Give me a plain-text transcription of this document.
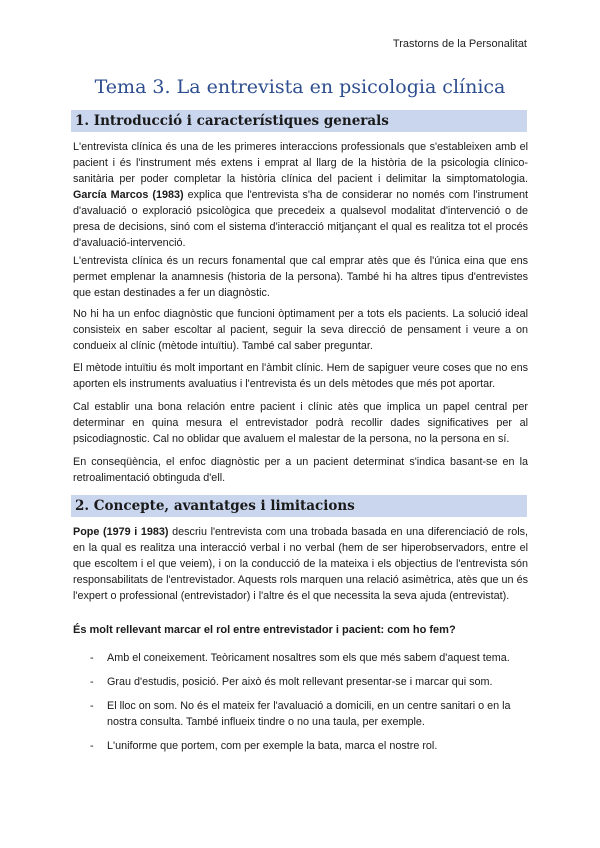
Trastorns de la Personalitat
Tema 3. La entrevista en psicologia clínica
1. Introducció i característiques generals
L'entrevista clínica és una de les primeres interaccions professionals que s'estableixen amb el pacient i és l'instrument més extens i emprat al llarg de la història de la psicologia clínico-sanitària per poder completar la història clínica del pacient i delimitar la simptomatologia. García Marcos (1983) explica que l'entrevista s'ha de considerar no només com l'instrument d'avaluació o exploració psicològica que precedeix a qualsevol modalitat d'intervenció o de presa de decisions, sinó com el sistema d'interacció mitjançant el qual es realitza tot el procés d'avaluació-intervenció.
L'entrevista clínica és un recurs fonamental que cal emprar atès que és l'única eina que ens permet emplenar la anamnesis (historia de la persona). També hi ha altres tipus d'entrevistes que estan destinades a fer un diagnòstic.
No hi ha un enfoc diagnòstic que funcioni òptimament per a tots els pacients. La solució ideal consisteix en saber escoltar al pacient, seguir la seva direcció de pensament i veure a on condueix al clínic (mètode intuïtiu). També cal saber preguntar.
El mètode intuïtiu és molt important en l'àmbit clínic. Hem de sapiguer veure coses que no ens aporten els instruments avaluatius i l'entrevista és un dels mètodes que més pot aportar.
Cal establir una bona relación entre pacient i clínic atès que implica un papel central per determinar en quina mesura el entrevistador podrà recollir dades significatives per al psicodiagnostic. Cal no oblidar que avaluem el malestar de la persona, no la persona en sí.
En conseqüència, el enfoc diagnòstic per a un pacient determinat s'indica basant-se en la retroalimentació obtinguda d'ell.
2. Concepte, avantatges i limitacions
Pope (1979 i 1983) descriu l'entrevista com una trobada basada en una diferenciació de rols, en la qual es realitza una interacció verbal i no verbal (hem de ser hiperobservadors, entre el que escoltem i el que veiem), i on la conducció de la mateixa i els objectius de l'entrevista són responsabilitats de l'entrevistador. Aquests rols marquen una relació asimètrica, atès que un és l'expert o professional (entrevistador) i l'altre és el que necessita la seva ajuda (entrevistat).
És molt rellevant marcar el rol entre entrevistador i pacient: com ho fem?
- Amb el coneixement. Teòricament nosaltres som els que més sabem d'aquest tema.
- Grau d'estudis, posició. Per això és molt rellevant presentar-se i marcar qui som.
- El lloc on som. No és el mateix fer l'avaluació a domicili, en un centre sanitari o en la nostra consulta. També influeix tindre o no una taula, per exemple.
- L'uniforme que portem, com per exemple la bata, marca el nostre rol.
